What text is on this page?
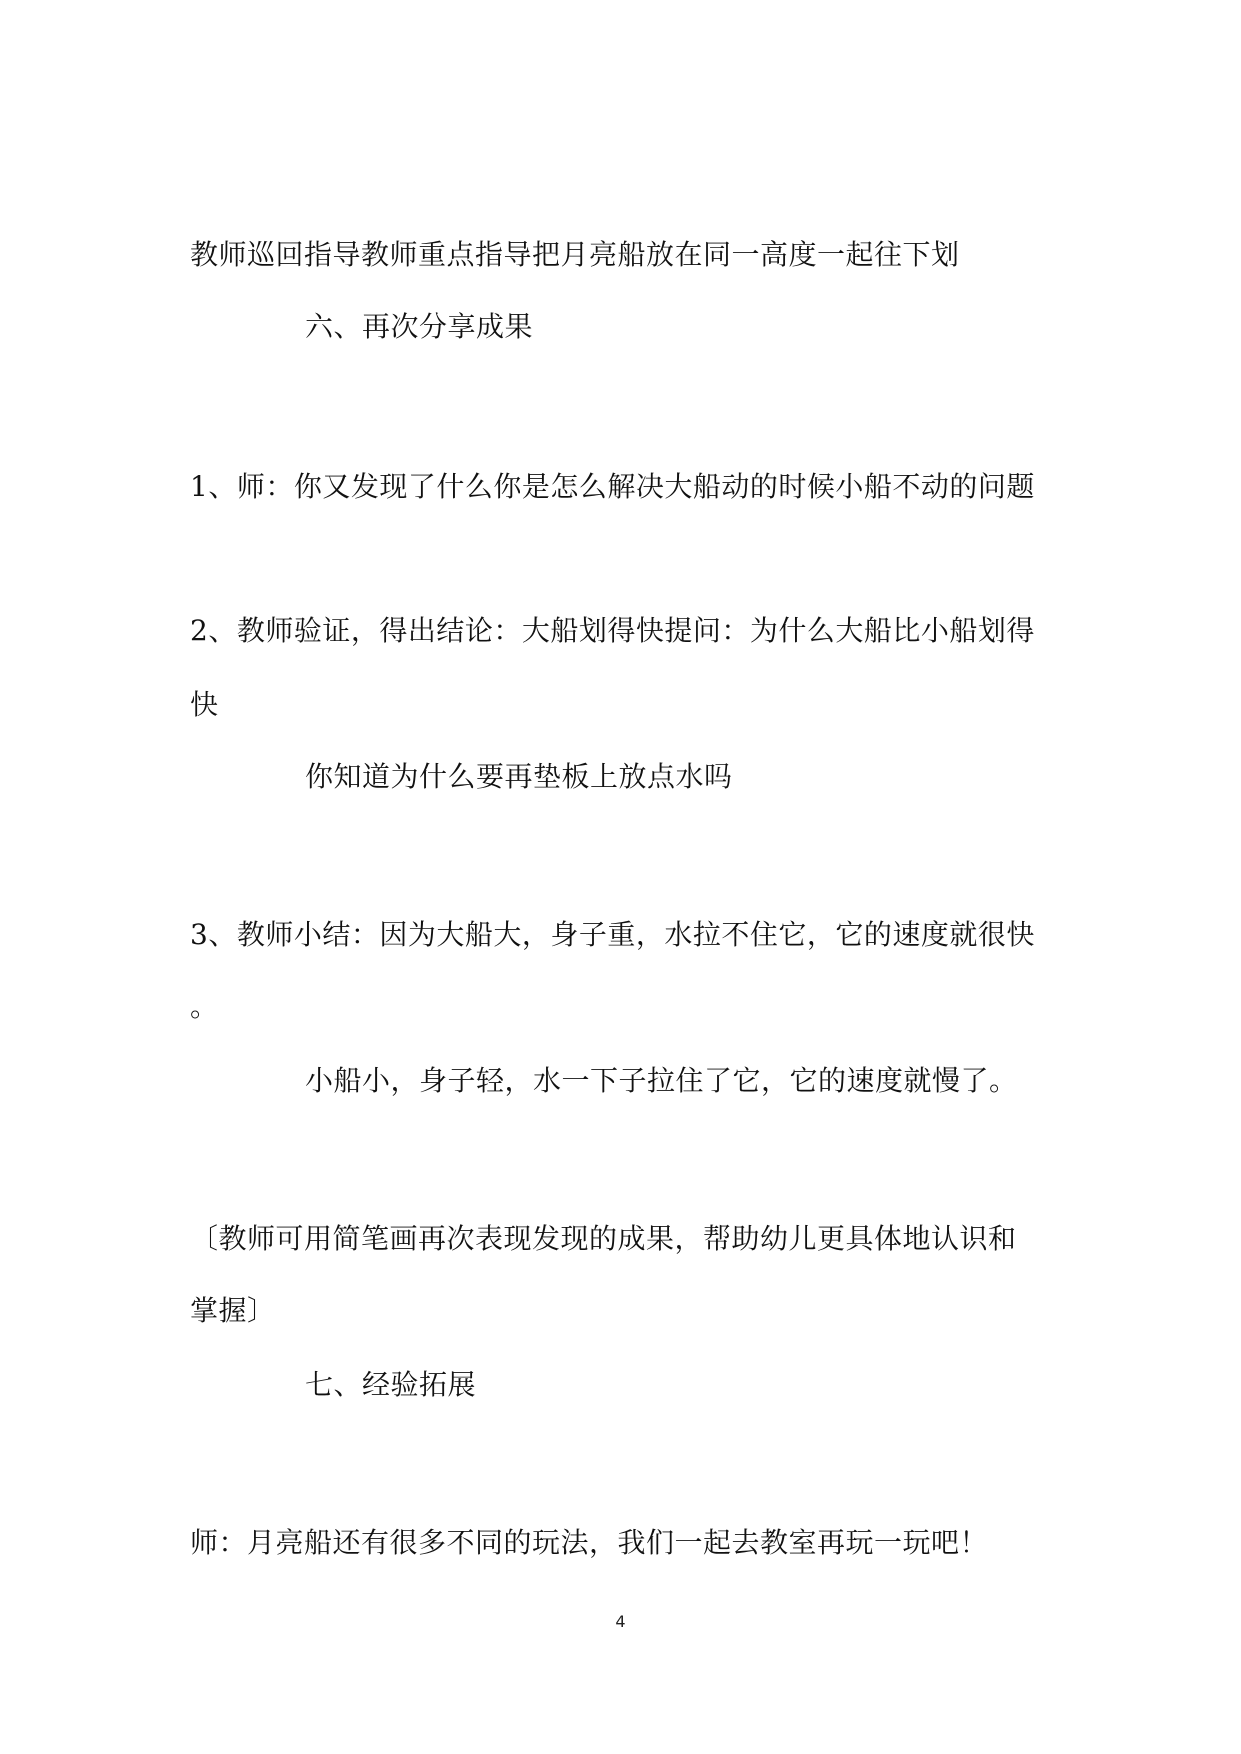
教师巡回指导教师重点指导把月亮船放在同一高度一起往下划
六、再次分享成果
1、师：你又发现了什么你是怎么解决大船动的时候小船不动的问题
2、教师验证，得出结论：大船划得快提问：为什么大船比小船划得
快
你知道为什么要再垫板上放点水吗
3、教师小结：因为大船大，身子重，水拉不住它，它的速度就很快
。
小船小，身子轻，水一下子拉住了它，它的速度就慢了。
〔教师可用简笔画再次表现发现的成果，帮助幼儿更具体地认识和
掌握〕
七、经验拓展
师：月亮船还有很多不同的玩法，我们一起去教室再玩一玩吧！
4
